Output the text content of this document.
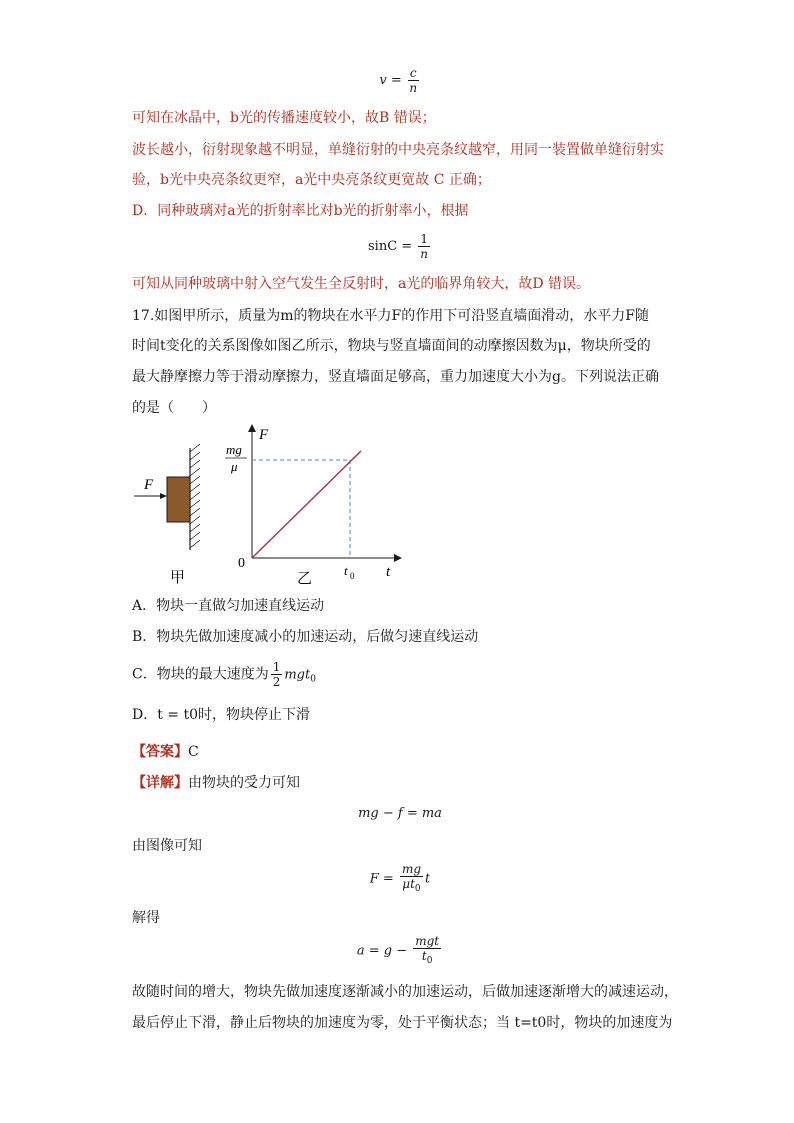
$v = \frac{c}{n}$
可知在冰晶中，b光的传播速度较小，故B 错误；
波长越小，衍射现象越不明显，单缝衍射的中央亮条纹越窄，用同一装置做单缝衍射实
验，b光中央亮条纹更窄，a光中央亮条纹更宽故 C 正确；
D．同种玻璃对a光的折射率比对b光的折射率小，根据
$\sin C = \frac{1}{n}$
可知从同种玻璃中射入空气发生全反射时，a光的临界角较大，故D 错误。
17.如图甲所示，质量为m的物块在水平力F的作用下可沿竖直墙面滑动，水平力F随
时间t变化的关系图像如图乙所示，物块与竖直墙面间的动摩擦因数为μ，物块所受的
最大静摩擦力等于滑动摩擦力，竖直墙面足够高，重力加速度大小为g。下列说法正确
的是（　　）
F
甲
F
t
0
mg
μ
t 0
乙
A．物块一直做匀加速直线运动
B．物块先做加速度减小的加速运动，后做匀速直线运动
C．物块的最大速度为 $\frac{1}{2} mgt_0$
D．t = t0时，物块停止下滑
【答案】C
【详解】由物块的受力可知
mg − f = ma
由图像可知
$F = \frac{mg}{\mu t_0}$ t
解得
$a = g - \frac{\text{mgt}}{t_0}$
故随时间的增大，物块先做加速度逐渐减小的加速运动，后做加速逐渐增大的减速运动，
最后停止下滑，静止后物块的加速度为零，处于平衡状态；当 t=t0时，物块的加速度为
